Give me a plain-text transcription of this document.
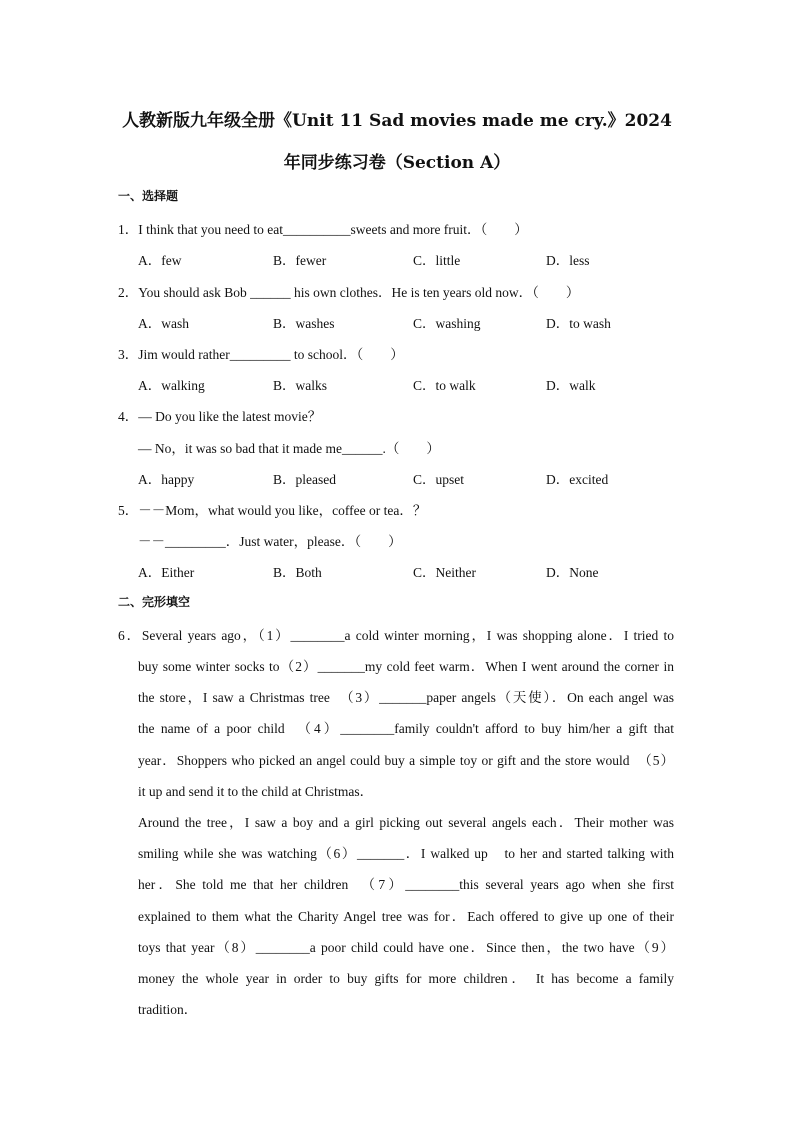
人教新版九年级全册《Unit 11 Sad movies made me cry.》2024
年同步练习卷（Section A）
一、选择题
1．I think that you need to eat__________sweets and more fruit．（　　）
A．few	B．fewer	C．little	D．less
2．You should ask Bob ______ his own clothes．He is ten years old now．（　　）
A．wash	B．washes	C．washing	D．to wash
3．Jim would rather_________ to school．（　　）
A．walking	B．walks	C．to walk	D．walk
4．— Do you like the latest movie？
— No，it was so bad that it made me______.（　　）
A．happy	B．pleased	C．upset	D．excited
5．－－Mom，what would you like，coffee or tea．？
－－_________．Just water，please．（　　）
A．Either	B．Both	C．Neither	D．None
二、完形填空
6．Several years ago，（1）________a cold winter morning，I was shopping alone．I tried to
buy some winter socks to（2）_______my cold feet warm．When I went around the corner in
the store，I saw a Christmas tree　（3）_______paper angels（天使）．On each angel was
the name of a poor child　（4）________family couldn't afford to buy him/her a gift that
year．Shoppers who picked an angel could buy a simple toy or gift and the store would　（5）
it up and send it to the child at Christmas．
Around the tree，I saw a boy and a girl picking out several angels each．Their mother was
smiling while she was watching（6）_______．I walked up　to her and started talking with
her．She told me that her children　（7）________this several years ago when she first
explained to them what the Charity Angel tree was for．Each offered to give up one of their
toys that year（8）________a poor child could have one．Since then，the two have（9）
money the whole year in order to buy gifts for more children． It has become a family
tradition．
